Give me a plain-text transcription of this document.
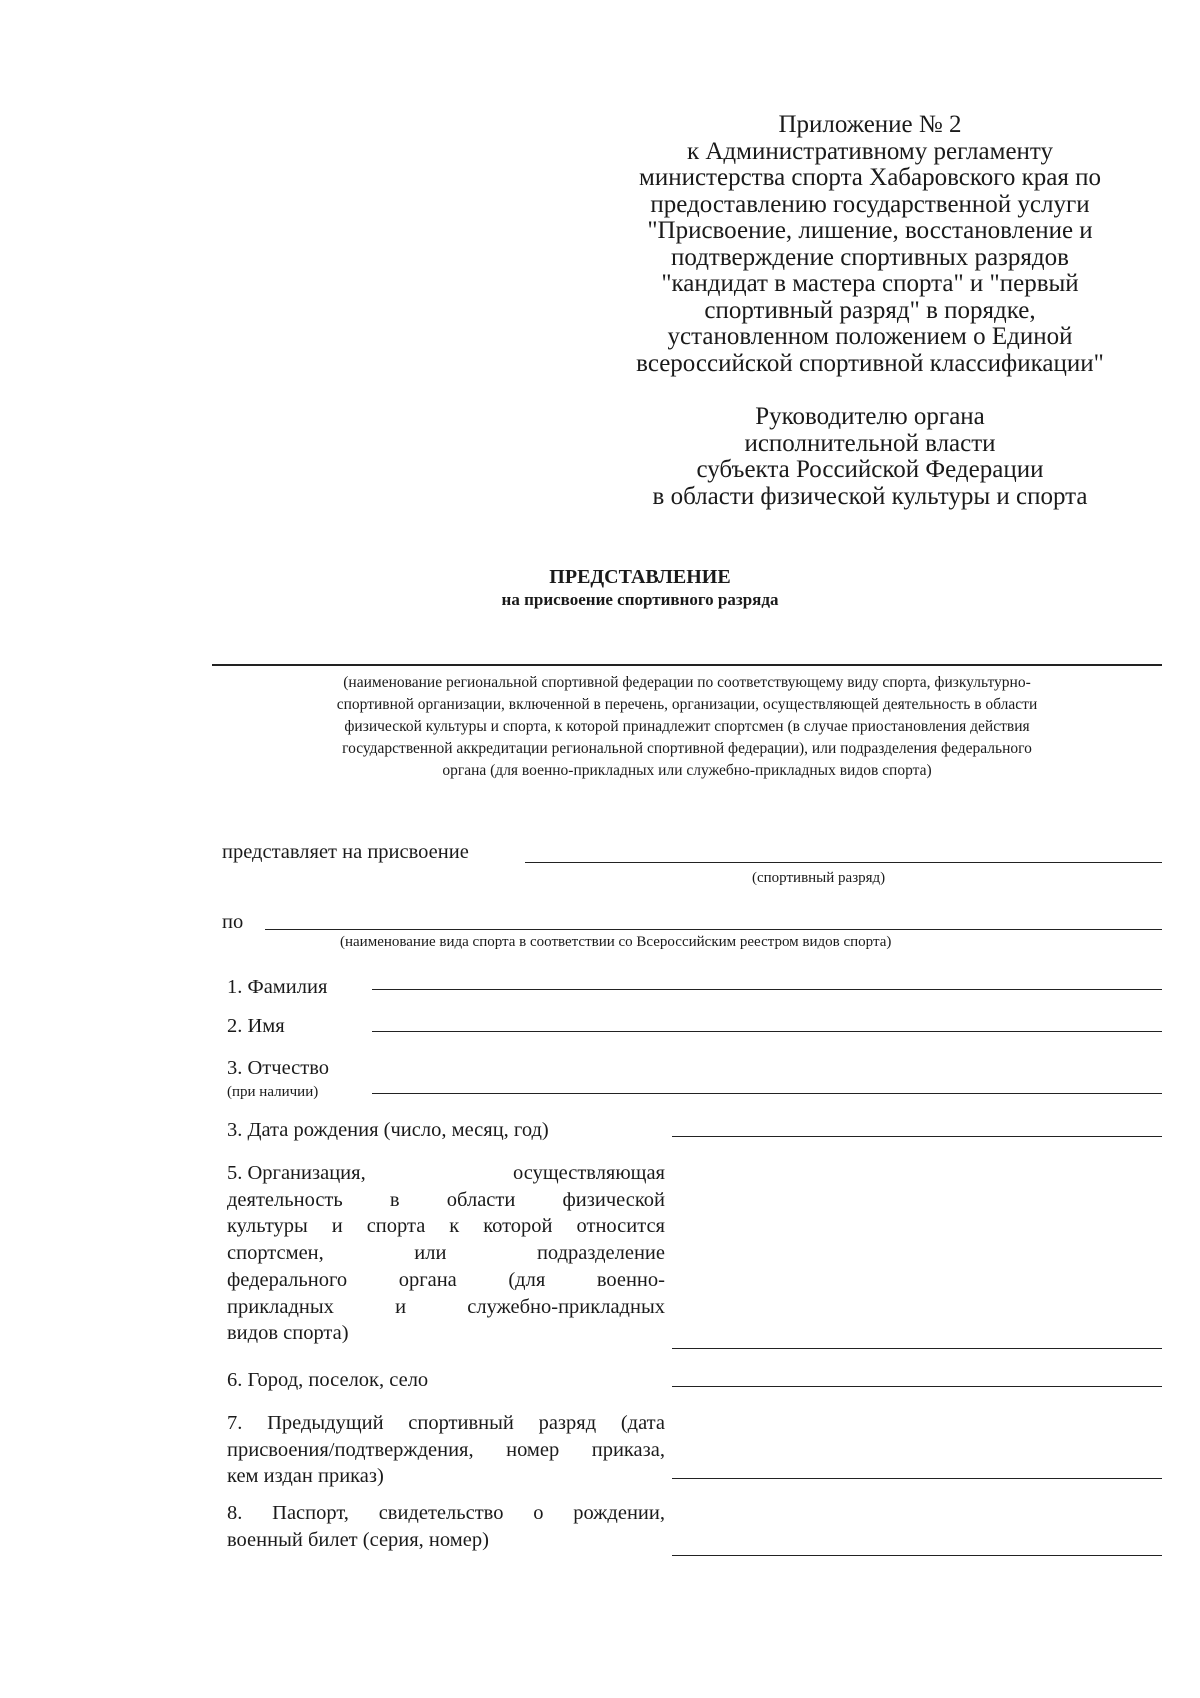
Приложение № 2
к Административному регламенту
министерства спорта Хабаровского края по
предоставлению государственной услуги
"Присвоение, лишение, восстановление и
подтверждение спортивных разрядов
"кандидат в мастера спорта" и "первый
спортивный разряд" в порядке,
установленном положением о Единой
всероссийской спортивной классификации"
Руководителю органа
исполнительной власти
субъекта Российской Федерации
в области физической культуры и спорта
ПРЕДСТАВЛЕНИЕ
на присвоение спортивного разряда
(наименование региональной спортивной федерации по соответствующему виду спорта, физкультурно-
спортивной организации, включенной в перечень, организации, осуществляющей деятельность в области
физической культуры и спорта, к которой принадлежит спортсмен (в случае приостановления действия
государственной аккредитации региональной спортивной федерации), или подразделения федерального
органа (для военно-прикладных или служебно-прикладных видов спорта)
представляет на присвоение
(спортивный разряд)
по
(наименование вида спорта в соответствии со Всероссийским реестром видов спорта)
1. Фамилия
2. Имя
3. Отчество
(при наличии)
3. Дата рождения (число, месяц, год)
5. Организация,	осуществляющая
деятельность в области физической
культуры и спорта к которой относится
спортсмен,	или	подразделение
федерального	органа	(для	военно-
прикладных	и	служебно-прикладных
видов спорта)
6. Город, поселок, село
7. Предыдущий спортивный разряд (дата
присвоения/подтверждения, номер приказа,
кем издан приказ)
8. Паспорт, свидетельство о рождении,
военный билет (серия, номер)
